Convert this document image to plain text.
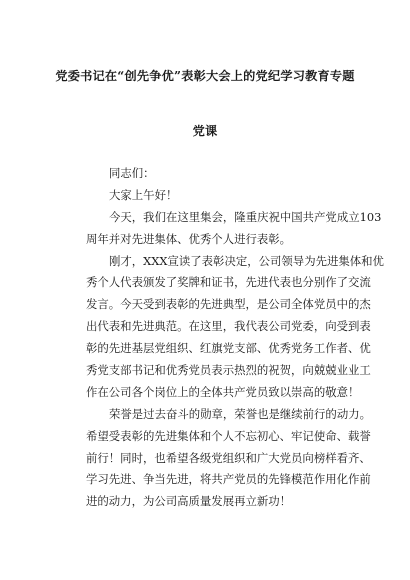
党委书记在“创先争优”表彰大会上的党纪学习教育专题
党课
同志们：
大家上午好！
今天，我们在这里集会，隆重庆祝中国共产党成立103
周年并对先进集体、优秀个人进行表彰。
刚才，XXX宣读了表彰决定，公司领导为先进集体和优
秀个人代表颁发了奖牌和证书，先进代表也分别作了交流
发言。今天受到表彰的先进典型，是公司全体党员中的杰
出代表和先进典范。在这里，我代表公司党委，向受到表
彰的先进基层党组织、红旗党支部、优秀党务工作者、优
秀党支部书记和优秀党员表示热烈的祝贺，向兢兢业业工
作在公司各个岗位上的全体共产党员致以崇高的敬意！
荣誉是过去奋斗的勋章，荣誉也是继续前行的动力。
希望受表彰的先进集体和个人不忘初心、牢记使命、载誉
前行！同时，也希望各级党组织和广大党员向榜样看齐、
学习先进、争当先进，将共产党员的先锋模范作用化作前
进的动力，为公司高质量发展再立新功！
